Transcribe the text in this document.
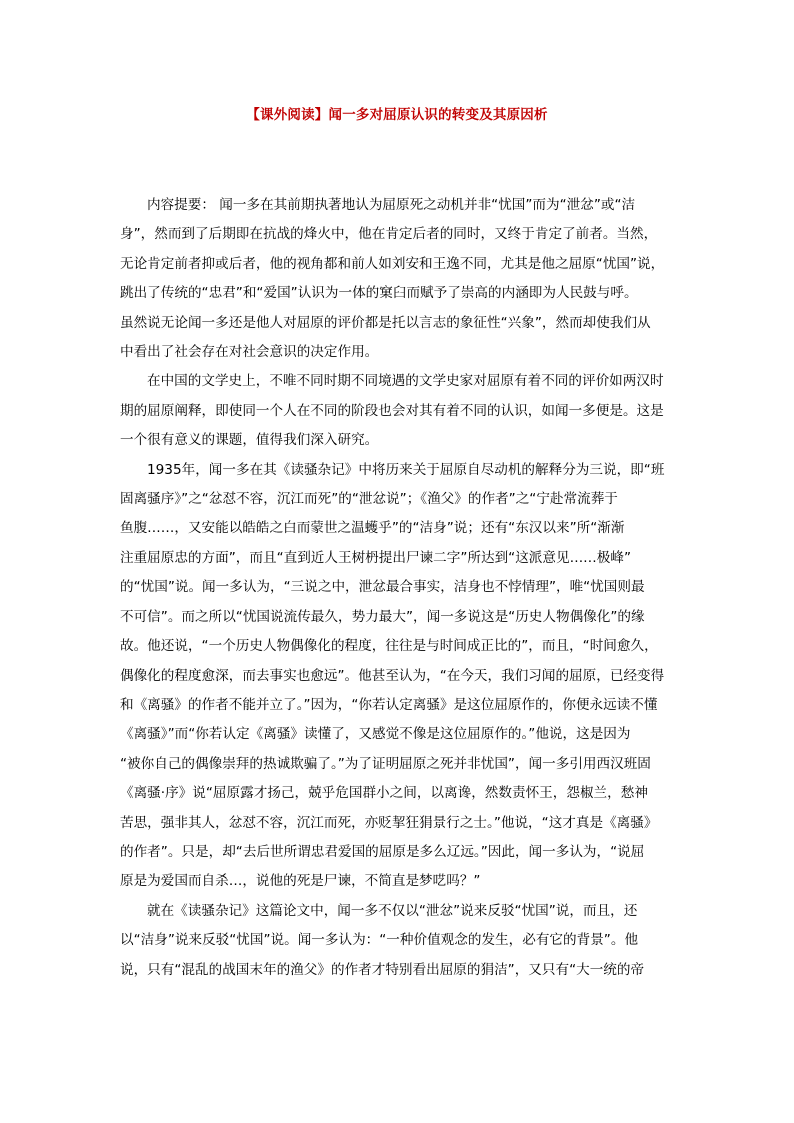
【课外阅读】闻一多对屈原认识的转变及其原因析
内容提要： 闻一多在其前期执著地认为屈原死之动机并非“忧国”而为“泄忿”或“洁
身”，然而到了后期即在抗战的烽火中，他在肯定后者的同时，又终于肯定了前者。当然，
无论肯定前者抑或后者，他的视角都和前人如刘安和王逸不同，尤其是他之屈原“忧国”说，
跳出了传统的“忠君”和“爱国”认识为一体的窠臼而赋予了崇高的内涵即为人民鼓与呼。
虽然说无论闻一多还是他人对屈原的评价都是托以言志的象征性“兴象”，然而却使我们从
中看出了社会存在对社会意识的决定作用。
在中国的文学史上，不唯不同时期不同境遇的文学史家对屈原有着不同的评价如两汉时
期的屈原阐释，即使同一个人在不同的阶段也会对其有着不同的认识，如闻一多便是。这是
一个很有意义的课题，值得我们深入研究。
1935年，闻一多在其《读骚杂记》中将历来关于屈原自尽动机的解释分为三说，即“班
固离骚序》”之“忿怼不容，沉江而死”的“泄忿说”；《渔父》的作者”之“宁赴常流葬于
鱼腹……，又安能以皓皓之白而蒙世之温蠖乎”的“洁身”说；还有“东汉以来”所“渐渐
注重屈原忠的方面”，而且“直到近人王树枬提出尸谏二字”所达到“这派意见……极峰”
的“忧国”说。闻一多认为，“三说之中，泄忿最合事实，洁身也不悖情理”，唯“忧国则最
不可信”。而之所以“忧国说流传最久，势力最大”，闻一多说这是“历史人物偶像化”的缘
故。他还说，“一个历史人物偶像化的程度，往往是与时间成正比的”，而且，“时间愈久，
偶像化的程度愈深，而去事实也愈远”。他甚至认为，“在今天，我们习闻的屈原，已经变得
和《离骚》的作者不能并立了。”因为，“你若认定离骚》是这位屈原作的，你便永远读不懂
《离骚》”而“你若认定《离骚》读懂了，又感觉不像是这位屈原作的。”他说，这是因为
“被你自己的偶像崇拜的热诚欺骗了。”为了证明屈原之死并非忧国”，闻一多引用西汉班固
《离骚·序》说“屈原露才扬己，兢乎危国群小之间，以离谗，然数责怀王，怨椒兰，愁神
苦思，强非其人，忿怼不容，沉江而死，亦贬挈狂狷景行之士。”他说，“这才真是《离骚》
的作者”。只是，却“去后世所谓忠君爱国的屈原是多么辽远。”因此，闻一多认为，“说屈
原是为爱国而自杀…，说他的死是尸谏，不简直是梦呓吗？”
就在《读骚杂记》这篇论文中，闻一多不仅以“泄忿”说来反驳“忧国”说，而且，还
以“洁身”说来反驳“忧国”说。闻一多认为：“一种价值观念的发生，必有它的背景”。他
说，只有“混乱的战国末年的渔父》的作者才特别看出屈原的狷洁”，又只有“大一统的帝
